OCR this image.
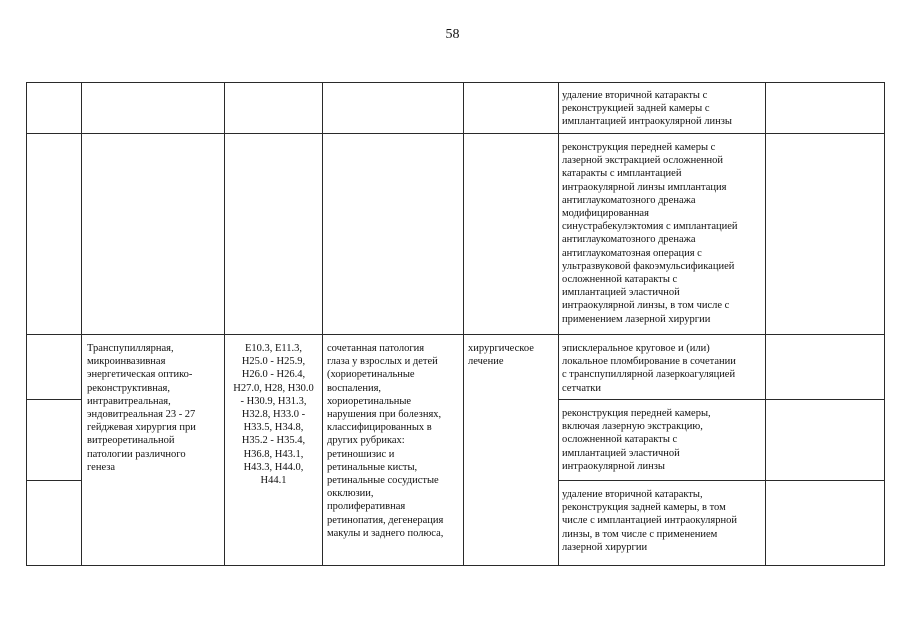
58

удаление вторичной катаракты с
реконструкцией задней камеры с
имплантацией интраокулярной линзы

реконструкция передней камеры с
лазерной экстракцией осложненной
катаракты с имплантацией
интраокулярной линзы имплантация
антиглаукоматозного дренажа
модифицированная
синустрабекулэктомия с имплантацией
антиглаукоматозного дренажа
антиглаукоматозная операция с
ультразвуковой факоэмульсификацией
осложненной катаракты с
имплантацией эластичной
интраокулярной линзы, в том числе с
применением лазерной хирургии

Транспупиллярная,
микроинвазивная
энергетическая оптико-
реконструктивная,
интравитреальная,
эндовитреальная 23 - 27
гейджевая хирургия при
витреоретинальной
патологии различного
генеза

Е10.3, Е11.3,
Н25.0 - Н25.9,
Н26.0 - Н26.4,
Н27.0, Н28, Н30.0
- Н30.9, Н31.3,
Н32.8, Н33.0 -
Н33.5, Н34.8,
Н35.2 - Н35.4,
Н36.8, Н43.1,
Н43.3, Н44.0,
Н44.1

сочетанная патология
глаза у взрослых и детей
(хориоретинальные
воспаления,
хориоретинальные
нарушения при болезнях,
классифицированных в
других рубриках:
ретиношизис и
ретинальные кисты,
ретинальные сосудистые
окклюзии,
пролиферативная
ретинопатия, дегенерация
макулы и заднего полюса,

хирургическое
лечение

эписклеральное круговое и (или)
локальное пломбирование в сочетании
с транспупиллярной лазеркоагуляцией
сетчатки

реконструкция передней камеры,
включая лазерную экстракцию,
осложненной катаракты с
имплантацией эластичной
интраокулярной линзы

удаление вторичной катаракты,
реконструкция задней камеры, в том
числе с имплантацией интраокулярной
линзы, в том числе с применением
лазерной хирургии
